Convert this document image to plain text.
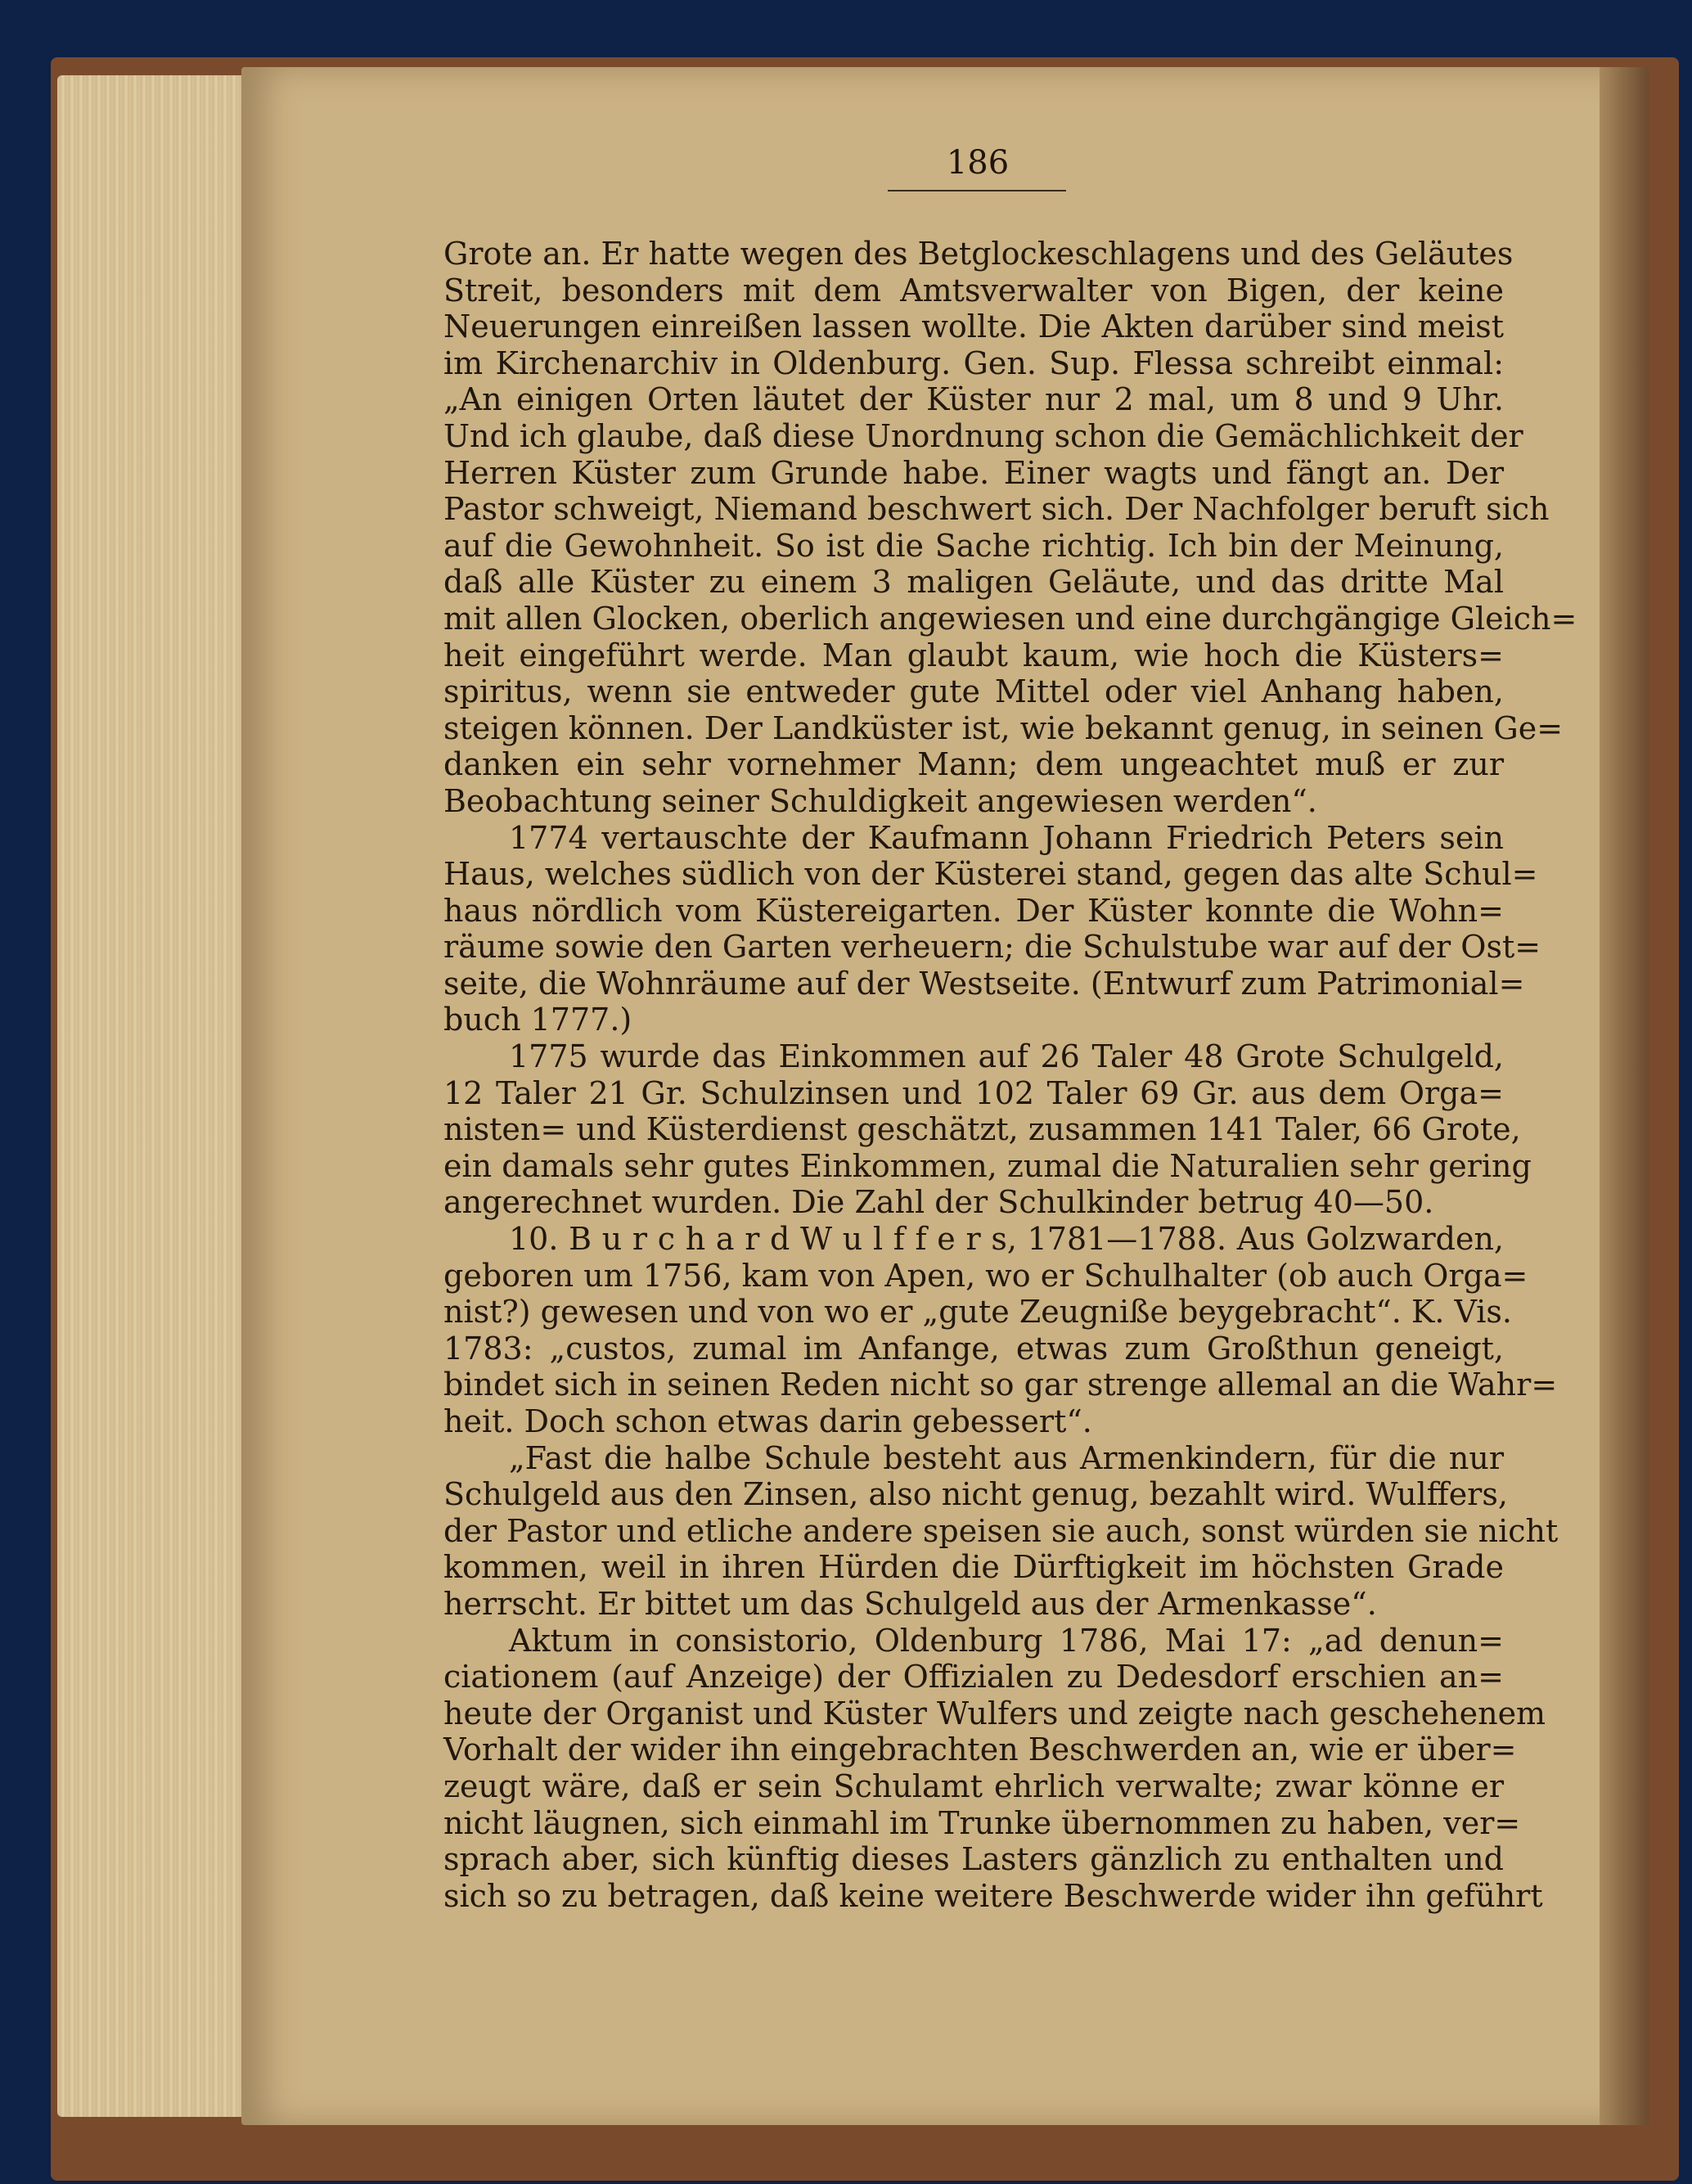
186
Grote an. Er hatte wegen des Betglockeschlagens und des Geläutes
Streit, besonders mit dem Amtsverwalter von Bigen, der keine
Neuerungen einreißen lassen wollte. Die Akten darüber sind meist
im Kirchenarchiv in Oldenburg. Gen. Sup. Flessa schreibt einmal:
„An einigen Orten läutet der Küster nur 2 mal, um 8 und 9 Uhr.
Und ich glaube, daß diese Unordnung schon die Gemächlichkeit der
Herren Küster zum Grunde habe. Einer wagts und fängt an. Der
Pastor schweigt, Niemand beschwert sich. Der Nachfolger beruft sich
auf die Gewohnheit. So ist die Sache richtig. Ich bin der Meinung,
daß alle Küster zu einem 3 maligen Geläute, und das dritte Mal
mit allen Glocken, oberlich angewiesen und eine durchgängige Gleich=
heit eingeführt werde. Man glaubt kaum, wie hoch die Küsters=
spiritus, wenn sie entweder gute Mittel oder viel Anhang haben,
steigen können. Der Landküster ist, wie bekannt genug, in seinen Ge=
danken ein sehr vornehmer Mann; dem ungeachtet muß er zur
Beobachtung seiner Schuldigkeit angewiesen werden“.
1774 vertauschte der Kaufmann Johann Friedrich Peters sein
Haus, welches südlich von der Küsterei stand, gegen das alte Schul=
haus nördlich vom Küstereigarten. Der Küster konnte die Wohn=
räume sowie den Garten verheuern; die Schulstube war auf der Ost=
seite, die Wohnräume auf der Westseite. (Entwurf zum Patrimonial=
buch 1777.)
1775 wurde das Einkommen auf 26 Taler 48 Grote Schulgeld,
12 Taler 21 Gr. Schulzinsen und 102 Taler 69 Gr. aus dem Orga=
nisten= und Küsterdienst geschätzt, zusammen 141 Taler, 66 Grote,
ein damals sehr gutes Einkommen, zumal die Naturalien sehr gering
angerechnet wurden. Die Zahl der Schulkinder betrug 40—50.
10. B u r c h a r d W u l f f e r s, 1781—1788. Aus Golzwarden,
geboren um 1756, kam von Apen, wo er Schulhalter (ob auch Orga=
nist?) gewesen und von wo er „gute Zeugniße beygebracht“. K. Vis.
1783: „custos, zumal im Anfange, etwas zum Großthun geneigt,
bindet sich in seinen Reden nicht so gar strenge allemal an die Wahr=
heit. Doch schon etwas darin gebessert“.
„Fast die halbe Schule besteht aus Armenkindern, für die nur
Schulgeld aus den Zinsen, also nicht genug, bezahlt wird. Wulffers,
der Pastor und etliche andere speisen sie auch, sonst würden sie nicht
kommen, weil in ihren Hürden die Dürftigkeit im höchsten Grade
herrscht. Er bittet um das Schulgeld aus der Armenkasse“.
Aktum in consistorio, Oldenburg 1786, Mai 17: „ad denun=
ciationem (auf Anzeige) der Offizialen zu Dedesdorf erschien an=
heute der Organist und Küster Wulfers und zeigte nach geschehenem
Vorhalt der wider ihn eingebrachten Beschwerden an, wie er über=
zeugt wäre, daß er sein Schulamt ehrlich verwalte; zwar könne er
nicht läugnen, sich einmahl im Trunke übernommen zu haben, ver=
sprach aber, sich künftig dieses Lasters gänzlich zu enthalten und
sich so zu betragen, daß keine weitere Beschwerde wider ihn geführt
